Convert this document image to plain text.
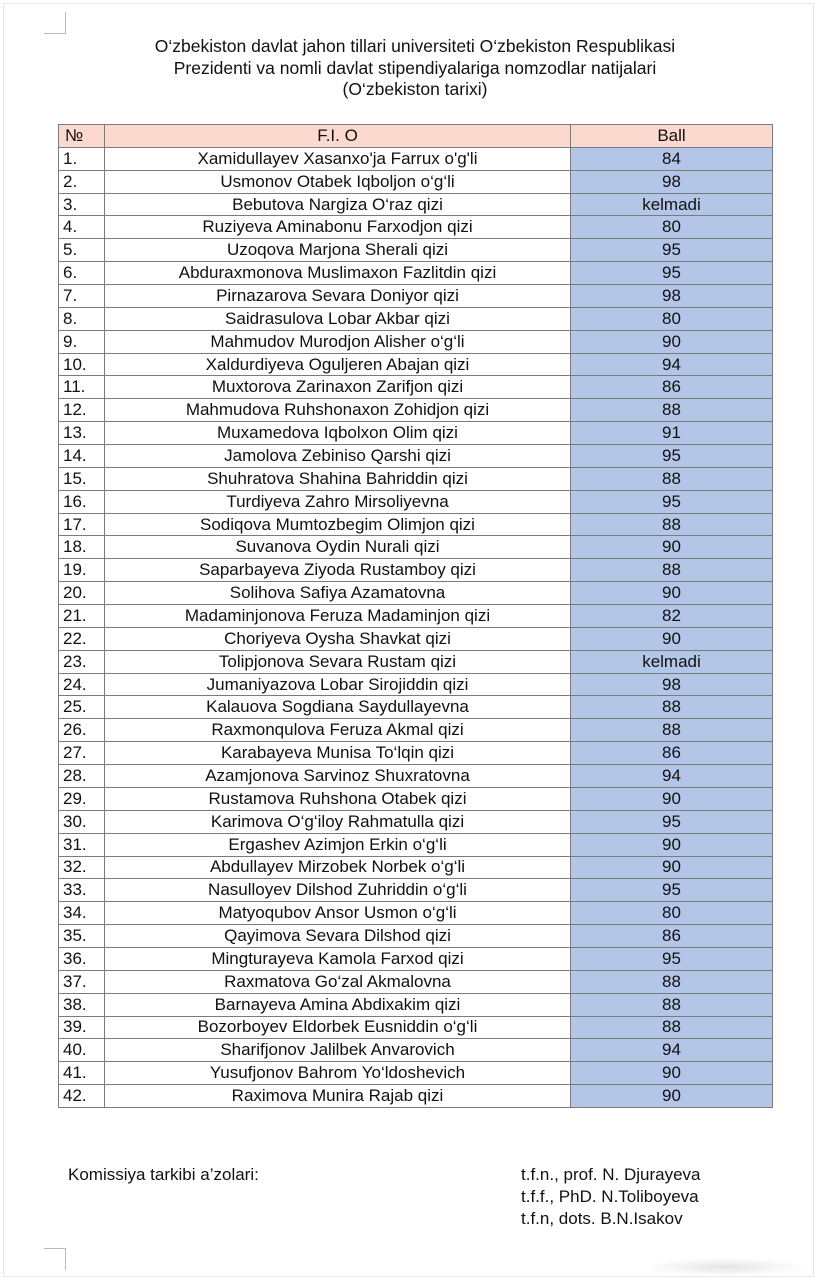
O‘zbekiston davlat jahon tillari universiteti O‘zbekiston Respublikasi
Prezidenti va nomli davlat stipendiyalariga nomzodlar natijalari
(O‘zbekiston tarixi)
№	F.I. O	Ball
1.	Xamidullayev Xasanxo'ja Farrux o'g'li	84
2.	Usmonov Otabek Iqboljon o‘g‘li	98
3.	Bebutova Nargiza O‘raz qizi	kelmadi
4.	Ruziyeva Aminabonu Farxodjon qizi	80
5.	Uzoqova Marjona Sherali qizi	95
6.	Abduraxmonova Muslimaxon Fazlitdin qizi	95
7.	Pirnazarova Sevara Doniyor qizi	98
8.	Saidrasulova Lobar Akbar qizi	80
9.	Mahmudov Murodjon Alisher o‘g‘li	90
10.	Xaldurdiyeva Oguljeren Abajan qizi	94
11.	Muxtorova Zarinaxon Zarifjon qizi	86
12.	Mahmudova Ruhshonaxon Zohidjon qizi	88
13.	Muxamedova Iqbolxon Olim qizi	91
14.	Jamolova Zebiniso Qarshi qizi	95
15.	Shuhratova Shahina Bahriddin qizi	88
16.	Turdiyeva Zahro Mirsoliyevna	95
17.	Sodiqova Mumtozbegim Olimjon qizi	88
18.	Suvanova Oydin Nurali qizi	90
19.	Saparbayeva Ziyoda Rustamboy qizi	88
20.	Solihova Safiya Azamatovna	90
21.	Madaminjonova Feruza Madaminjon qizi	82
22.	Choriyeva Oysha Shavkat qizi	90
23.	Tolipjonova Sevara Rustam qizi	kelmadi
24.	Jumaniyazova Lobar Sirojiddin qizi	98
25.	Kalauova Sogdiana Saydullayevna	88
26.	Raxmonqulova Feruza Akmal qizi	88
27.	Karabayeva Munisa To‘lqin qizi	86
28.	Azamjonova Sarvinoz Shuxratovna	94
29.	Rustamova Ruhshona Otabek qizi	90
30.	Karimova O‘g‘iloy Rahmatulla qizi	95
31.	Ergashev Azimjon Erkin o‘g‘li	90
32.	Abdullayev Mirzobek Norbek o‘g‘li	90
33.	Nasulloyev Dilshod Zuhriddin o‘g‘li	95
34.	Matyoqubov Ansor Usmon o‘g‘li	80
35.	Qayimova Sevara Dilshod qizi	86
36.	Mingturayeva Kamola Farxod qizi	95
37.	Raxmatova Go‘zal Akmalovna	88
38.	Barnayeva Amina Abdixakim qizi	88
39.	Bozorboyev Eldorbek Eusniddin o‘g‘li	88
40.	Sharifjonov Jalilbek Anvarovich	94
41.	Yusufjonov Bahrom Yo‘ldoshevich	90
42.	Raximova Munira Rajab qizi	90
Komissiya tarkibi a’zolari:	t.f.n., prof. N. Djurayeva
t.f.f., PhD. N.Toliboyeva
t.f.n, dots. B.N.Isakov
